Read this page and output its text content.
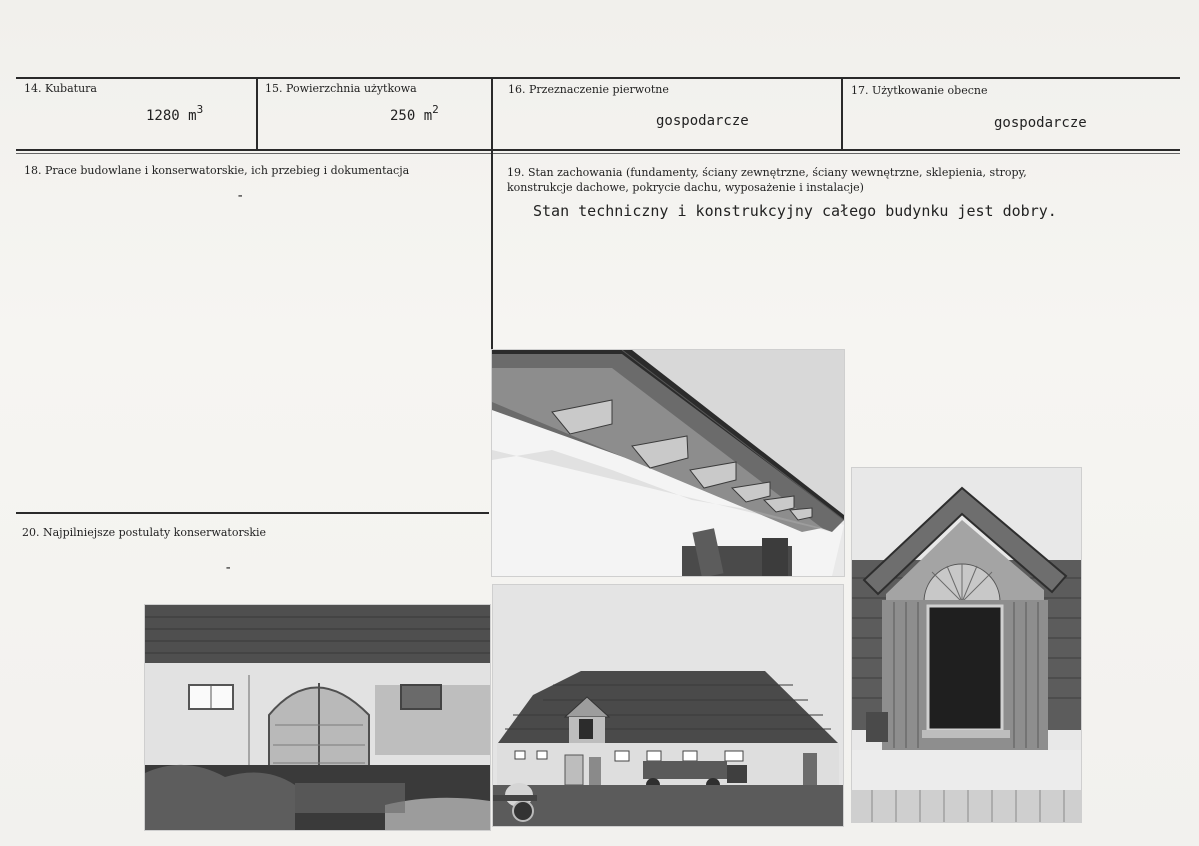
14. Kubatura
1280 $m^3$
15. Powierzchnia użytkowa
250 $m^2$
16. Przeznaczenie pierwotne
gospodarcze
17. Użytkowanie obecne
gospodarcze
18. Prace budowlane i konserwatorskie, ich przebieg i dokumentacja
-
19. Stan zachowania (fundamenty, ściany zewnętrzne, ściany wewnętrzne, sklepienia, stropy,
konstrukcje dachowe, pokrycie dachu, wyposażenie i instalacje)
Stan techniczny i konstrukcyjny całego budynku jest dobry.
20. Najpilniejsze postulaty konserwatorskie
-
